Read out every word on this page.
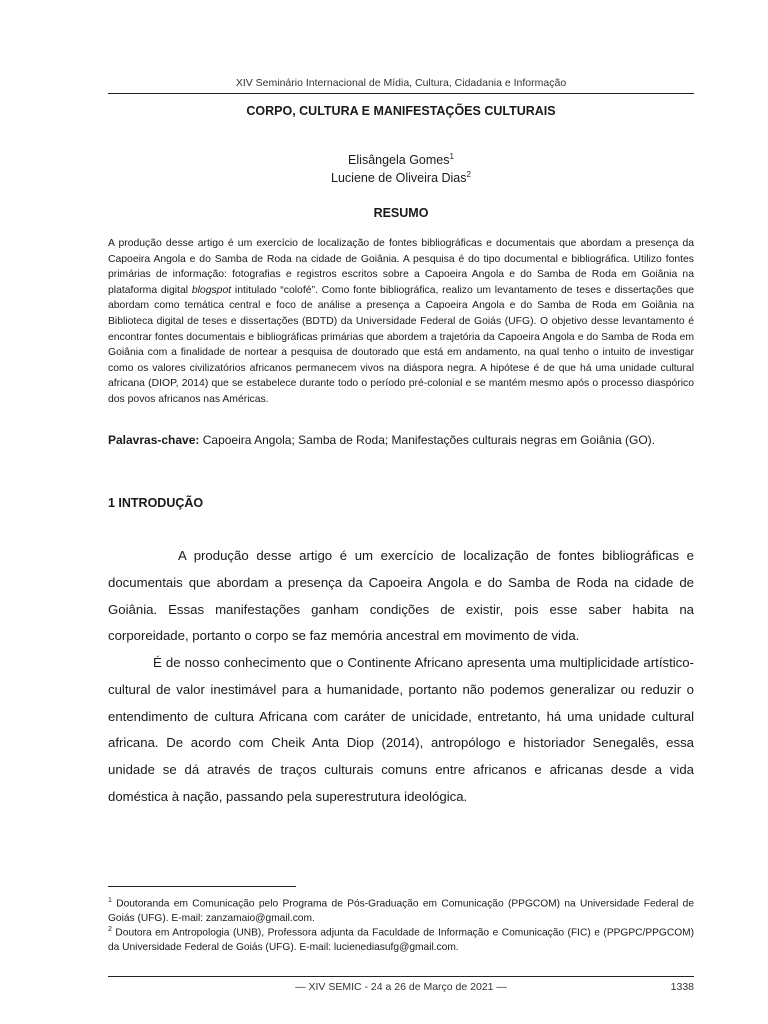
XIV Seminário Internacional de Mídia, Cultura, Cidadania e Informação
CORPO, CULTURA E MANIFESTAÇÕES CULTURAIS
Elisângela Gomes$^1$
Luciene de Oliveira Dias$^2$
RESUMO

A produção desse artigo é um exercício de localização de fontes bibliográficas e documentais que abordam a presença da Capoeira Angola e do Samba de Roda na cidade de Goiânia. A pesquisa é do tipo documental e bibliográfica. Utilizo fontes primárias de informação: fotografias e registros escritos sobre a Capoeira Angola e do Samba de Roda em Goiânia na plataforma digital blogspot intitulado “colofé”. Como fonte bibliográfica, realizo um levantamento de teses e dissertações que abordam como temática central e foco de análise a presença a Capoeira Angola e do Samba de Roda em Goiânia na Biblioteca digital de teses e dissertações (BDTD) da Universidade Federal de Goiás (UFG). O objetivo desse levantamento é encontrar fontes documentais e bibliográficas primárias que abordem a trajetória da Capoeira Angola e do Samba de Roda em Goiânia com a finalidade de nortear a pesquisa de doutorado que está em andamento, na qual tenho o intuito de investigar como os valores civilizatórios africanos permanecem vivos na diáspora negra. A hipótese é de que há uma unidade cultural africana (DIOP, 2014) que se estabelece durante todo o período pré-colonial e se mantém mesmo após o processo diaspórico dos povos africanos nas Américas.

Palavras-chave: Capoeira Angola; Samba de Roda; Manifestações culturais negras em Goiânia (GO).

1 INTRODUÇÃO

A produção desse artigo é um exercício de localização de fontes bibliográficas e documentais que abordam a presença da Capoeira Angola e do Samba de Roda na cidade de Goiânia. Essas manifestações ganham condições de existir, pois esse saber habita na corporeidade, portanto o corpo se faz memória ancestral em movimento de vida.

É de nosso conhecimento que o Continente Africano apresenta uma multiplicidade artístico-cultural de valor inestimável para a humanidade, portanto não podemos generalizar ou reduzir o entendimento de cultura Africana com caráter de unicidade, entretanto, há uma unidade cultural africana. De acordo com Cheik Anta Diop (2014), antropólogo e historiador Senegalês, essa unidade se dá através de traços culturais comuns entre africanos e africanas desde a vida doméstica à nação, passando pela superestrutura ideológica.

$^1$ Doutoranda em Comunicação pelo Programa de Pós-Graduação em Comunicação (PPGCOM) na Universidade Federal de Goiás (UFG). E-mail: zanzamaio@gmail.com.

$^2$ Doutora em Antropologia (UNB), Professora adjunta da Faculdade de Informação e Comunicação (FIC) e (PPGPC/PPGCOM) da Universidade Federal de Goiás (UFG). E-mail: lucienediasufg@gmail.com.

— XIV SEMIC - 24 a 26 de Março de 2021 —	1338
